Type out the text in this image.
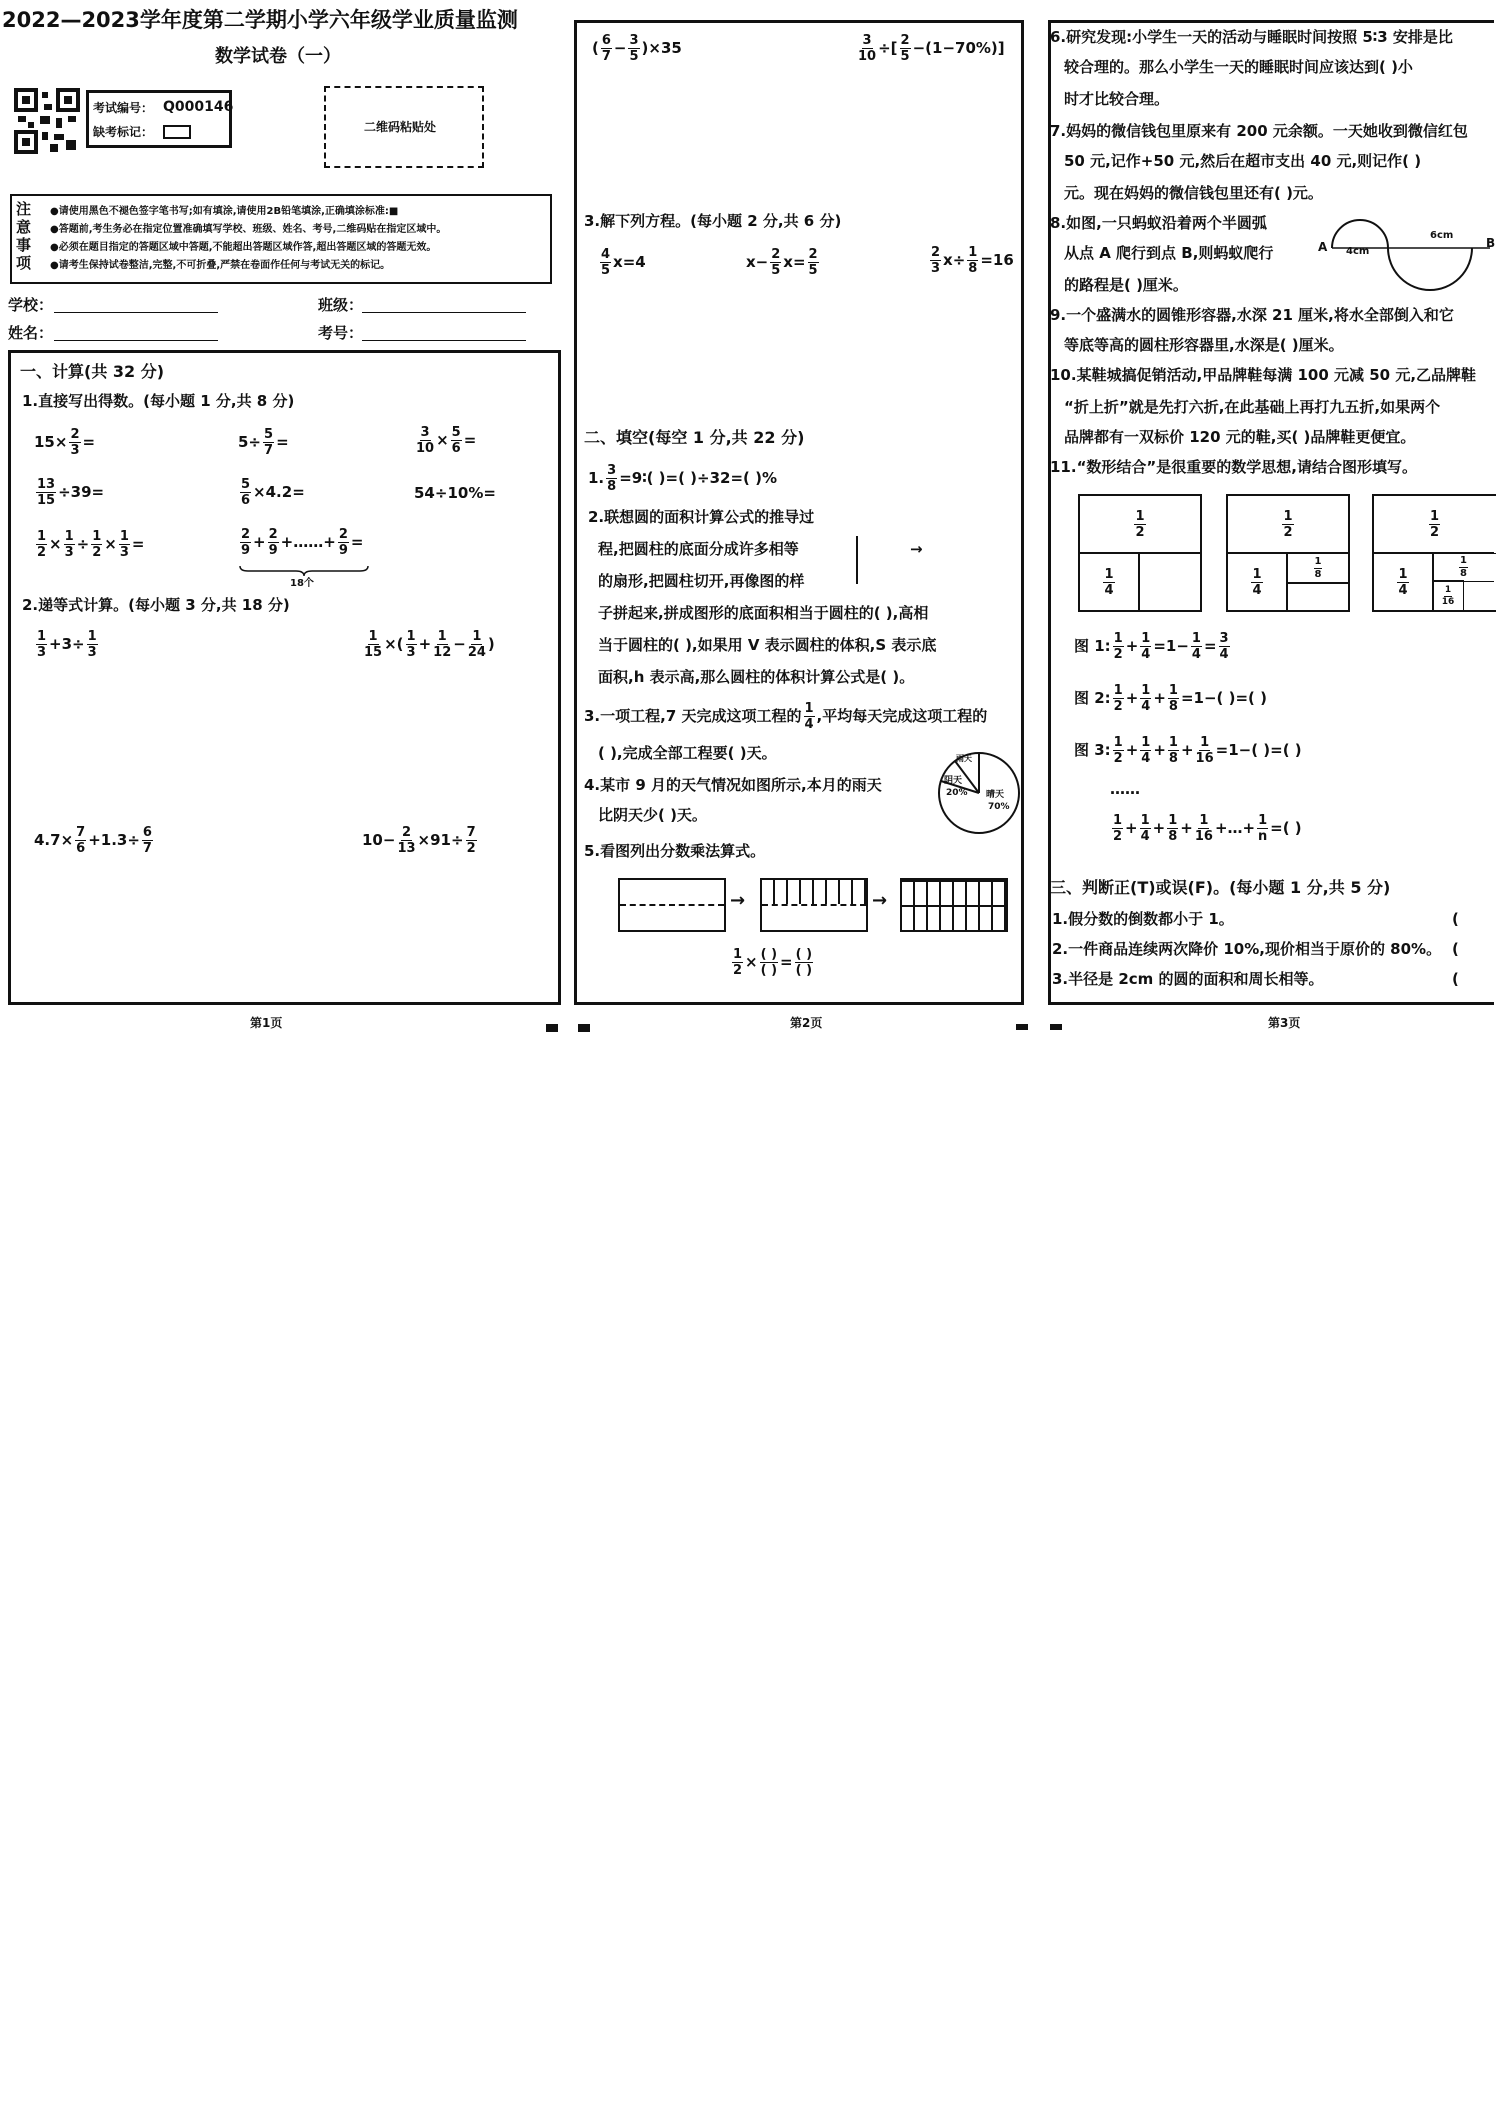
2022—2023学年度第二学期小学六年级学业质量监测
数学试卷（一）
考试编号： Q000146
缺考标记：	二维码粘贴处
注
意
事
项
●请使用黑色不褪色签字笔书写;如有填涂,请使用2B铅笔填涂,正确填涂标准:■
●答题前,考生务必在指定位置准确填写学校、班级、姓名、考号,二维码贴在指定区域中。
●必须在题目指定的答题区域中答题,不能超出答题区域作答,超出答题区域的答题无效。
●请考生保持试卷整洁,完整,不可折叠,严禁在卷面作任何与考试无关的标记。
学校：	班级：
姓名：	考号：
一、计算(共 32 分)
1.直接写出得数。(每小题 1 分,共 8 分)
$15\times \frac{2}{3}$ =	$5\div \frac{5}{7}$ =	$\frac{3}{10} \times \frac{5}{6}$ =
$\frac{13}{15} \div 39=$	$\frac{5}{6} \times 4.2=$	54÷10%=
$\frac{1}{2} \times \frac{1}{3} \div \frac{1}{2} \times \frac{1}{3}$ =	$\frac{2}{9} + \frac{2}{9}$ +……+ $\frac{2}{9}$ =
18个
2.递等式计算。(每小题 3 分,共 18 分)
$\frac{1}{3} +3\div \frac{1}{3}$	$\frac{1}{15}$ ×( $\frac{1}{3} + \frac{1}{12} - \frac{1}{24}$ )
$4.7\times \frac{7}{6} +1.3\div \frac{6}{7}$	$10- \frac{2}{13} \times 91\div \frac{7}{2}$
第1页
( $\frac{6}{7} - \frac{3}{5} )\times 35$	$\frac{3}{10}$ ÷[ $\frac{2}{5} -(1-70\%)$]
3.解下列方程。(每小题 2 分,共 6 分)
$\frac{4}{5} x=4$	$x- \frac{2}{5} x= \frac{2}{5}$	$\frac{2}{3} x\div \frac{1}{8} =16$
二、填空(每空 1 分,共 22 分)
1. $\frac{3}{8}$ =9∶( )=( )÷32=( )%
2.联想圆的面积计算公式的推导过
程,把圆柱的底面分成许多相等
的扇形,把圆柱切开,再像图的样
子拼起来,拼成图形的底面积相当于圆柱的( ),高相
当于圆柱的( ),如果用 V 表示圆柱的体积,S 表示底
面积,h 表示高,那么圆柱的体积计算公式是( )。
→
3.一项工程,7 天完成这项工程的 $\frac{1}{4}$ ,平均每天完成这项工程的
( ),完成全部工程要( )天。
4.某市 9 月的天气情况如图所示,本月的雨天
比阴天少( )天。
雨天
阴天
20% 晴天
70%
5.看图列出分数乘法算式。
→	→
$\frac{1}{2} \times \frac{( )}{( )} = \frac{( )}{( )}$
第2页
6.研究发现:小学生一天的活动与睡眠时间按照 5∶3 安排是比
较合理的。那么小学生一天的睡眠时间应该达到( )小
时才比较合理。
7.妈妈的微信钱包里原来有 200 元余额。一天她收到微信红包
50 元,记作+50 元,然后在超市支出 40 元,则记作( )
元。现在妈妈的微信钱包里还有( )元。
8.如图,一只蚂蚁沿着两个半圆弧
从点 A 爬行到点 B,则蚂蚁爬行
的路程是( )厘米。
A	B
4cm
6cm
9.一个盛满水的圆锥形容器,水深 21 厘米,将水全部倒入和它
等底等高的圆柱形容器里,水深是( )厘米。
10.某鞋城搞促销活动,甲品牌鞋每满 100 元减 50 元,乙品牌鞋
“折上折”就是先打六折,在此基础上再打九五折,如果两个
品牌都有一双标价 120 元的鞋,买( )品牌鞋更便宜。
11.“数形结合”是很重要的数学思想,请结合图形填写。
$\frac{1}{2}$
$\frac{1}{4}$
$\frac{1}{2}$
$\frac{1}{4}$	$\frac{1}{8}$
$\frac{1}{2}$
$\frac{1}{4}$
$\frac{1}{8}$
$\frac{1}{16}$
图 1: $\frac{1}{2} + \frac{1}{4} =1- \frac{1}{4} = \frac{3}{4}$
图 2: $\frac{1}{2} + \frac{1}{4} + \frac{1}{8} =1-$( )=( )
图 3: $\frac{1}{2} + \frac{1}{4} + \frac{1}{8} + \frac{1}{16} =1-$( )=( )
……
$\frac{1}{2} + \frac{1}{4} + \frac{1}{8} + \frac{1}{16}$ +…+ $\frac{1}{n}$ =( )
三、判断正(T)或误(F)。(每小题 1 分,共 5 分)
1.假分数的倒数都小于 1。	(
2.一件商品连续两次降价 10%,现价相当于原价的 80%。 (
3.半径是 2cm 的圆的面积和周长相等。	(
第3页
